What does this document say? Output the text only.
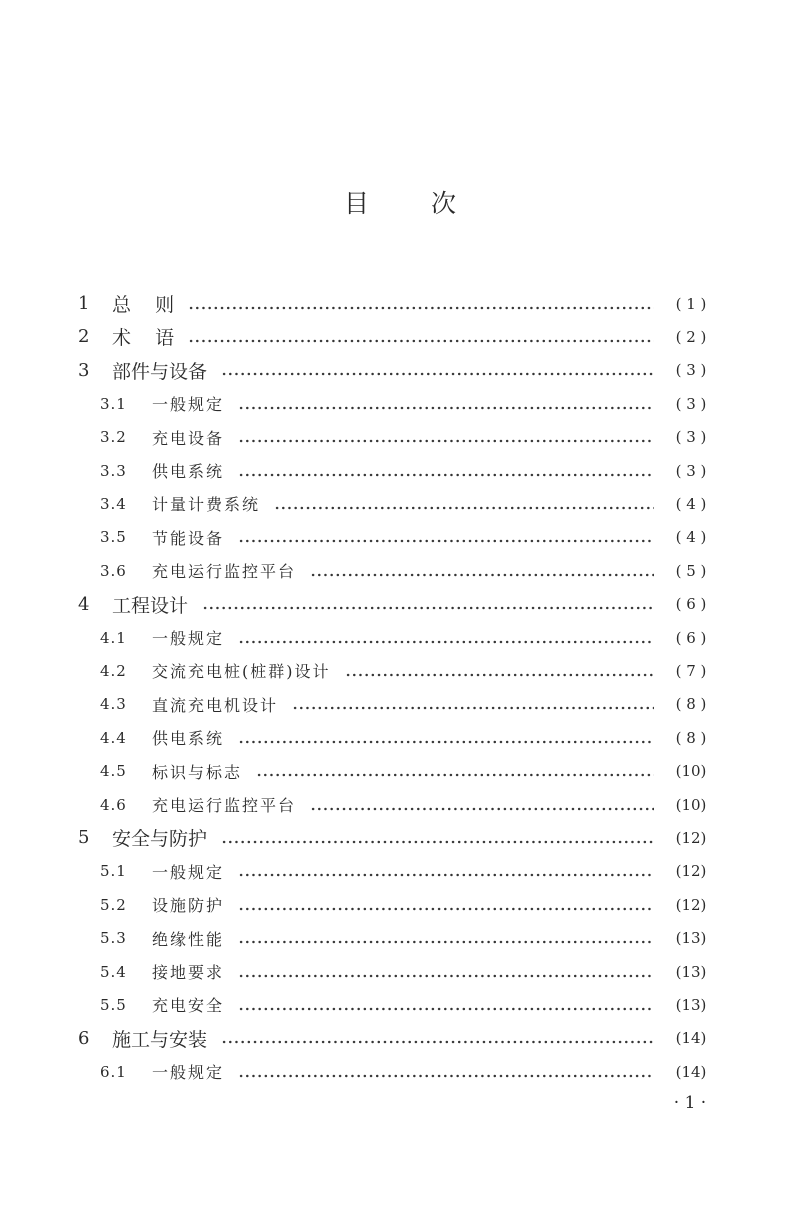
目次
1	总    则	( 1 )
2	术    语	( 2 )
3	部件与设备	( 3 )
3.1	一般规定	( 3 )
3.2	充电设备	( 3 )
3.3	供电系统	( 3 )
3.4	计量计费系统	( 4 )
3.5	节能设备	( 4 )
3.6	充电运行监控平台	( 5 )
4	工程设计	( 6 )
4.1	一般规定	( 6 )
4.2	交流充电桩(桩群)设计	( 7 )
4.3	直流充电机设计	( 8 )
4.4	供电系统	( 8 )
4.5	标识与标志	(10)
4.6	充电运行监控平台	(10)
5	安全与防护	(12)
5.1	一般规定	(12)
5.2	设施防护	(12)
5.3	绝缘性能	(13)
5.4	接地要求	(13)
5.5	充电安全	(13)
6	施工与安装	(14)
6.1	一般规定	(14)
· 1 ·
